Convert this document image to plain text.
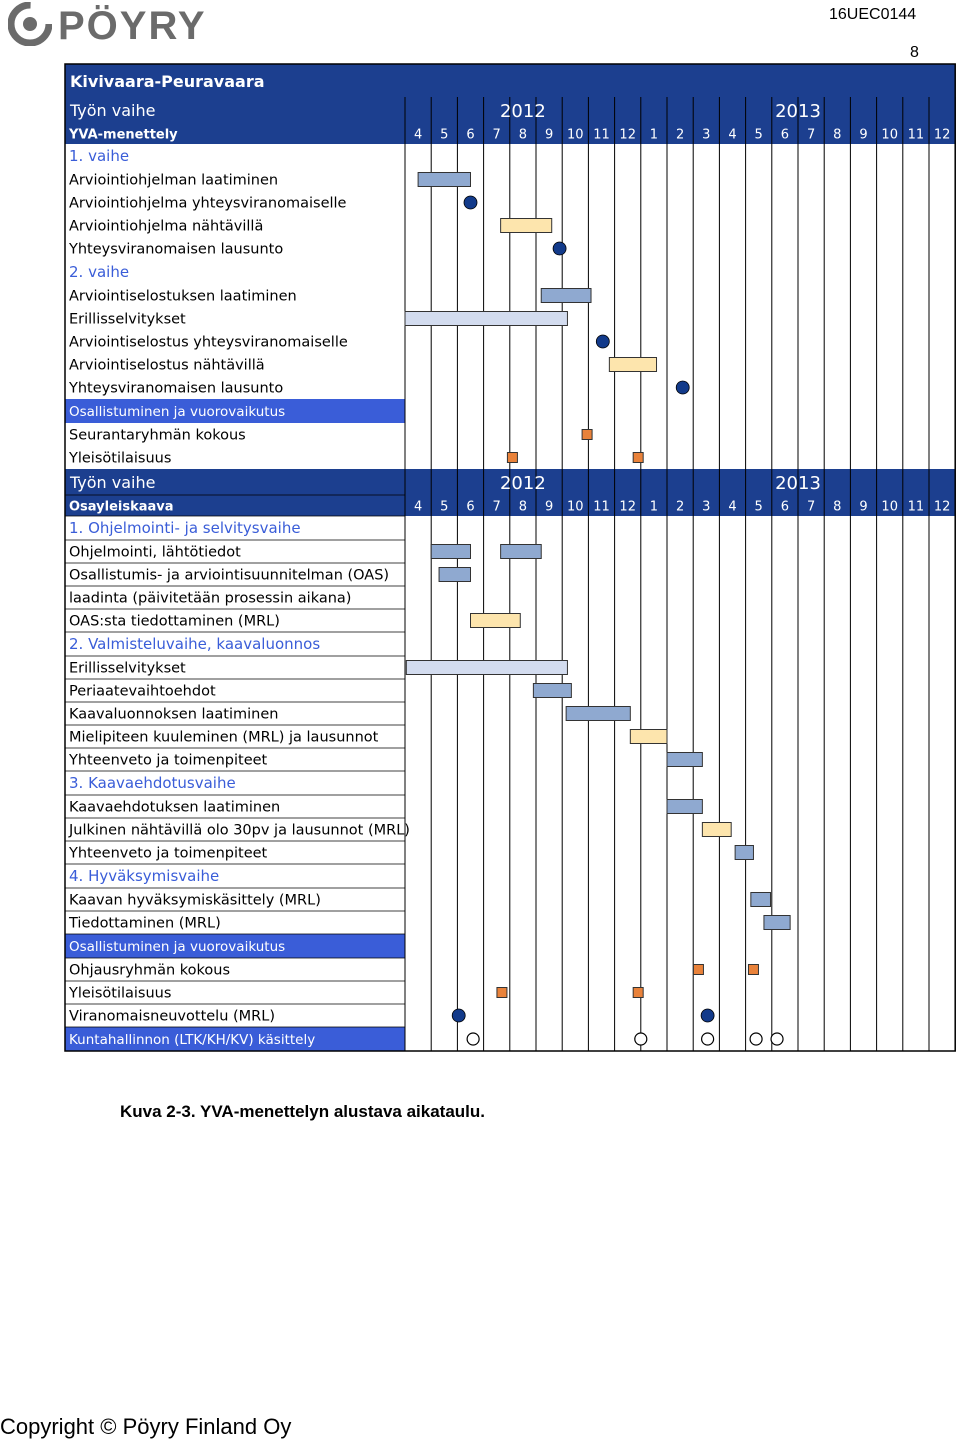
PÖYRY	16UEC0144
8
Kivivaara-Peuravaara
Työn vaihe	2012	2013
YVA-menettely	4 5 6 7 8 9 10 11 12 1 2 3 4 5 6 7 8 9 10 11 12
1. vaihe
Arviointiohjelman laatiminen
Arviointiohjelma yhteysviranomaiselle
Arviointiohjelma nähtävillä
Yhteysviranomaisen lausunto
2. vaihe
Arviointiselostuksen laatiminen
Erillisselvitykset
Arviointiselostus yhteysviranomaiselle
Arviointiselostus nähtävillä
Yhteysviranomaisen lausunto
Osallistuminen ja vuorovaikutus
Seurantaryhmän kokous
Yleisötilaisuus
Työn vaihe	2012	2013
Osayleiskaava	4 5 6 7 8 9 10 11 12 1 2 3 4 5 6 7 8 9 10 11 12
1. Ohjelmointi- ja selvitysvaihe
Ohjelmointi, lähtötiedot
Osallistumis- ja arviointisuunnitelman (OAS)
laadinta (päivitetään prosessin aikana)
OAS:sta tiedottaminen (MRL)
2. Valmisteluvaihe, kaavaluonnos
Erillisselvitykset
Periaatevaihtoehdot
Kaavaluonnoksen laatiminen
Mielipiteen kuuleminen (MRL) ja lausunnot
Yhteenveto ja toimenpiteet
3. Kaavaehdotusvaihe
Kaavaehdotuksen laatiminen
Julkinen nähtävillä olo 30pv ja lausunnot (MRL)
Yhteenveto ja toimenpiteet
4. Hyväksymisvaihe
Kaavan hyväksymiskäsittely (MRL)
Tiedottaminen (MRL)
Osallistuminen ja vuorovaikutus
Ohjausryhmän kokous
Yleisötilaisuus
Viranomaisneuvottelu (MRL)
Kuntahallinnon (LTK/KH/KV) käsittely
Kuva 2-3. YVA-menettelyn alustava aikataulu.
Copyright © Pöyry Finland Oy
